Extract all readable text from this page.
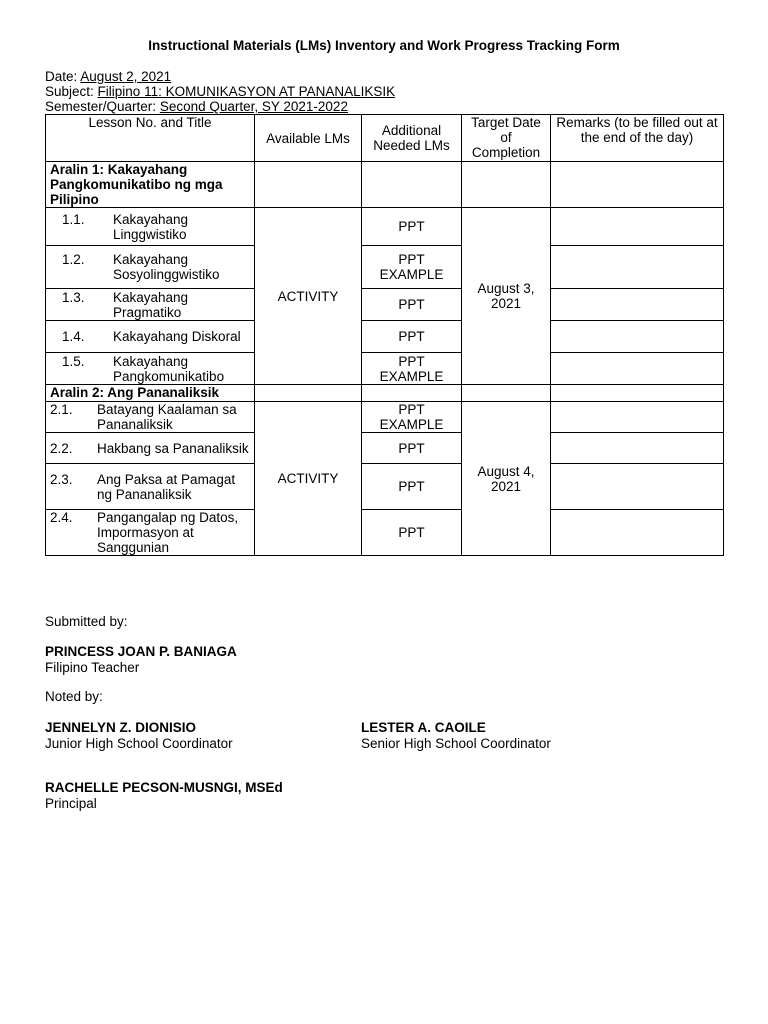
Instructional Materials (LMs) Inventory and Work Progress Tracking Form
Date: August 2, 2021
Subject: Filipino 11: KOMUNIKASYON AT PANANALIKSIK
Semester/Quarter: Second Quarter, SY 2021-2022
Lesson No. and Title	Available LMs	Additional Needed LMs	Target Date of Completion	Remarks (to be filled out at the end of the day)
Aralin 1: Kakayahang Pangkomunikatibo ng mga Pilipino				

1.1. Kakayahang Linggwistiko	ACTIVITY	PPT	August 3, 2021	

1.2. Kakayahang Sosyolinggwistiko		PPT EXAMPLE		

1.3. Kakayahang Pragmatiko		PPT		

1.4. Kakayahang Diskoral		PPT		

1.5. Kakayahang Pangkomunikatibo		PPT EXAMPLE		
Aralin 2: Ang Pananaliksik				

2.1. Batayang Kaalaman sa Pananaliksik	ACTIVITY	PPT EXAMPLE	August 4, 2021	

2.2. Hakbang sa Pananaliksik		PPT		

2.3. Ang Paksa at Pamagat ng Pananaliksik		PPT		

2.4. Pangangalap ng Datos, Impormasyon at Sanggunian		PPT		
Submitted by:
PRINCESS JOAN P. BANIAGA
Filipino Teacher
Noted by:
JENNELYN Z. DIONISIO
Junior High School Coordinator
LESTER A. CAOILE
Senior High School Coordinator
RACHELLE PECSON-MUSNGI, MSEd
Principal
